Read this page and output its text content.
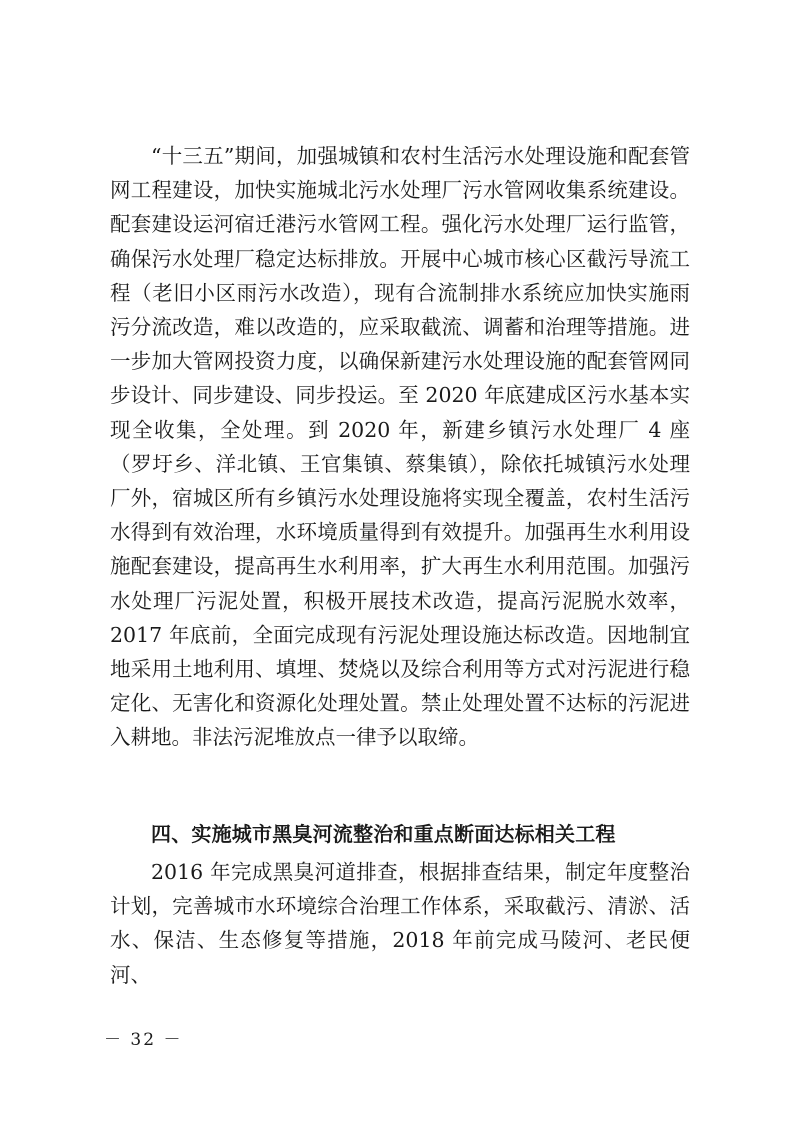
“十三五”期间，加强城镇和农村生活污水处理设施和配套管网工程建设，加快实施城北污水处理厂污水管网收集系统建设。配套建设运河宿迁港污水管网工程。强化污水处理厂运行监管，确保污水处理厂稳定达标排放。开展中心城市核心区截污导流工程（老旧小区雨污水改造），现有合流制排水系统应加快实施雨污分流改造，难以改造的，应采取截流、调蓄和治理等措施。进一步加大管网投资力度，以确保新建污水处理设施的配套管网同步设计、同步建设、同步投运。至 2020 年底建成区污水基本实现全收集，全处理。到 2020 年，新建乡镇污水处理厂 4 座（罗圩乡、洋北镇、王官集镇、蔡集镇），除依托城镇污水处理厂外，宿城区所有乡镇污水处理设施将实现全覆盖，农村生活污水得到有效治理，水环境质量得到有效提升。加强再生水利用设施配套建设，提高再生水利用率，扩大再生水利用范围。加强污水处理厂污泥处置，积极开展技术改造，提高污泥脱水效率，2017 年底前，全面完成现有污泥处理设施达标改造。因地制宜地采用土地利用、填埋、焚烧以及综合利用等方式对污泥进行稳定化、无害化和资源化处理处置。禁止处理处置不达标的污泥进入耕地。非法污泥堆放点一律予以取缔。

四、实施城市黑臭河流整治和重点断面达标相关工程

2016 年完成黑臭河道排查，根据排查结果，制定年度整治计划，完善城市水环境综合治理工作体系，采取截污、清淤、活水、保洁、生态修复等措施，2018 年前完成马陵河、老民便河、

－ 32 －
